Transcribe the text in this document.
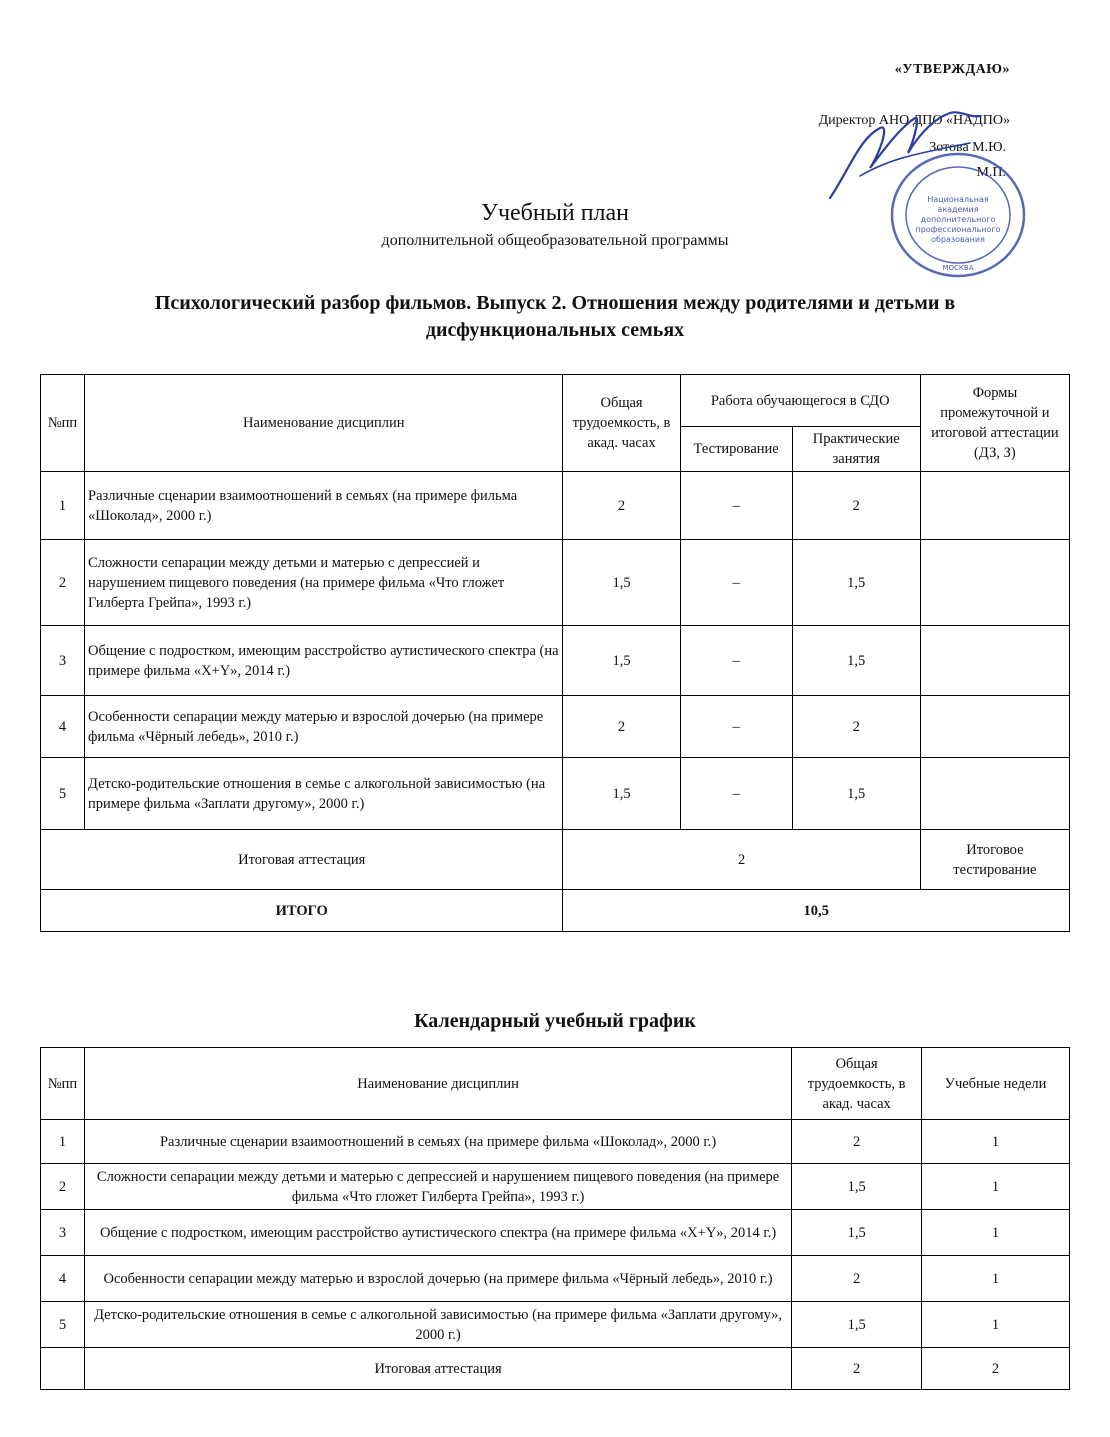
«УТВЕРЖДАЮ»
Директор АНО ДПО «НАДПО»
Зотова М.Ю.
М.П.
Национальная
академия
дополнительного
профессионального
образования
МОСКВА
Учебный план
дополнительной общеобразовательной программы
Психологический разбор фильмов. Выпуск 2. Отношения между родителями и детьми в дисфункциональных семьях
№пп	Наименование дисциплин	Общая трудоемкость, в акад. часах	Работа обучающегося в СДО		Формы промежуточной и итоговой аттестации (ДЗ, З)
			Тестирование	Практические занятия	
1	Различные сценарии взаимоотношений в семьях (на примере фильма «Шоколад», 2000 г.)	2	–	2	
2	Сложности сепарации между детьми и матерью с депрессией и нарушением пищевого поведения (на примере фильма «Что гложет Гилберта Грейпа», 1993 г.)	1,5	–	1,5	
3	Общение с подростком, имеющим расстройство аутистического спектра (на примере фильма «X+Y», 2014 г.)	1,5	–	1,5	
4	Особенности сепарации между матерью и взрослой дочерью (на примере фильма «Чёрный лебедь», 2010 г.)	2	–	2	
5	Детско-родительские отношения в семье с алкогольной зависимостью (на примере фильма «Заплати другому», 2000 г.)	1,5	–	1,5	
Итоговая аттестация		2			Итоговое тестирование
ИТОГО		10,5			
Календарный учебный график
№пп	Наименование дисциплин	Общая трудоемкость, в акад. часах	Учебные недели
1	Различные сценарии взаимоотношений в семьях (на примере фильма «Шоколад», 2000 г.)	2	1
2	Сложности сепарации между детьми и матерью с депрессией и нарушением пищевого поведения (на примере фильма «Что гложет Гилберта Грейпа», 1993 г.)	1,5	1
3	Общение с подростком, имеющим расстройство аутистического спектра (на примере фильма «X+Y», 2014 г.)	1,5	1
4	Особенности сепарации между матерью и взрослой дочерью (на примере фильма «Чёрный лебедь», 2010 г.)	2	1
5	Детско-родительские отношения в семье с алкогольной зависимостью (на примере фильма «Заплати другому», 2000 г.)	1,5	1
	Итоговая аттестация	2	2
